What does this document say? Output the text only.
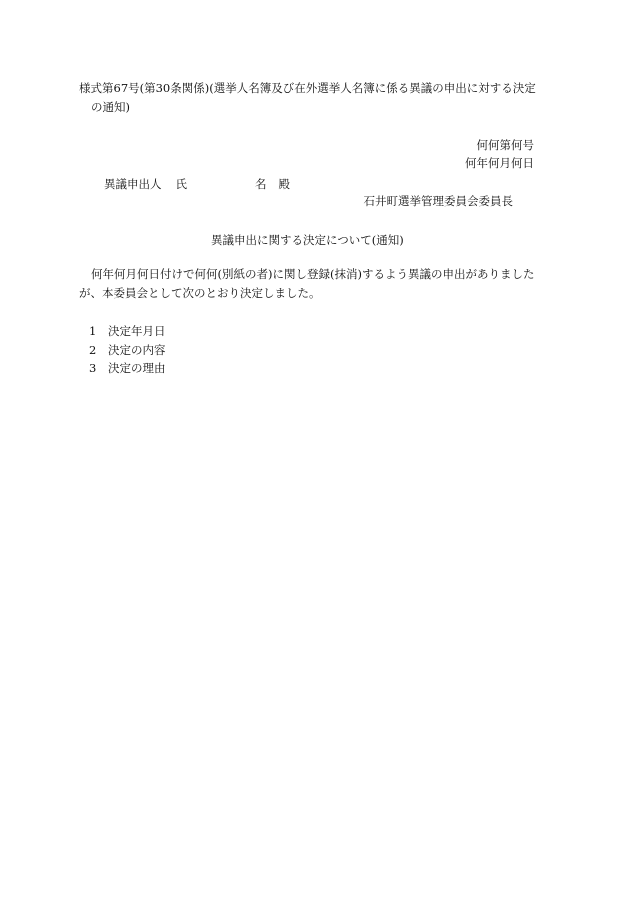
様式第67号(第30条関係)(選挙人名簿及び在外選挙人名簿に係る異議の申出に対する決定
の通知)
何何第何号
何年何月何日
異議申出人 氏	名 殿
石井町選挙管理委員会委員長
異議申出に関する決定について(通知)
何年何月何日付けで何何(別紙の者)に関し登録(抹消)するよう異議の申出がありました
が、本委員会として次のとおり決定しました。
1 決定年月日
2 決定の内容
3 決定の理由
